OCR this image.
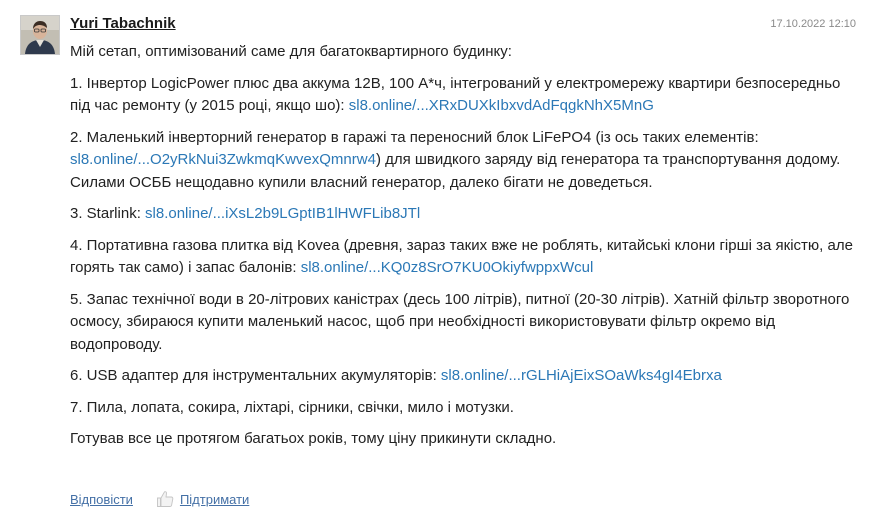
Yuri Tabachnik	17.10.2022 12:10

Мій сетап, оптимізований саме для багатоквартирного будинку:

1. Інвертор LogicPower плюс два аккума 12В, 100 А*ч, інтегрований у електромережу квартири безпосередньо під час ремонту (у 2015 році, якщо шо): sl8.online/...XRxDUXkIbxvdAdFqgkNhX5MnG

2. Маленький інверторний генератор в гаражі та переносний блок LiFePO4 (із ось таких елементів: sl8.online/...O2yRkNui3ZwkmqKwvexQmnrw4) для швидкого заряду від генератора та транспортування додому. Силами ОСББ нещодавно купили власний генератор, далеко бігати не доведеться.

3. Starlink: sl8.online/...iXsL2b9LGptIB1lHWFLib8JTl

4. Портативна газова плитка від Kovea (древня, зараз таких вже не роблять, китайські клони гірші за якістю, але горять так само) і запас балонів: sl8.online/...KQ0z8SrO7KU0OkiyfwppxWcul

5. Запас технічної води в 20-літрових каністрах (десь 100 літрів), питної (20-30 літрів). Хатній фільтр зворотного осмосу, збираюся купити маленький насос, щоб при необхідності використовувати фільтр окремо від водопроводу.

6. USB адаптер для інструментальних акумуляторів: sl8.online/...rGLHiAjEixSOaWks4gI4Ebrxa

7. Пила, лопата, сокира, ліхтарі, сірники, свічки, мило і мотузки.

Готував все це протягом багатьох років, тому ціну прикинути складно.

Відповісти	Підтримати
